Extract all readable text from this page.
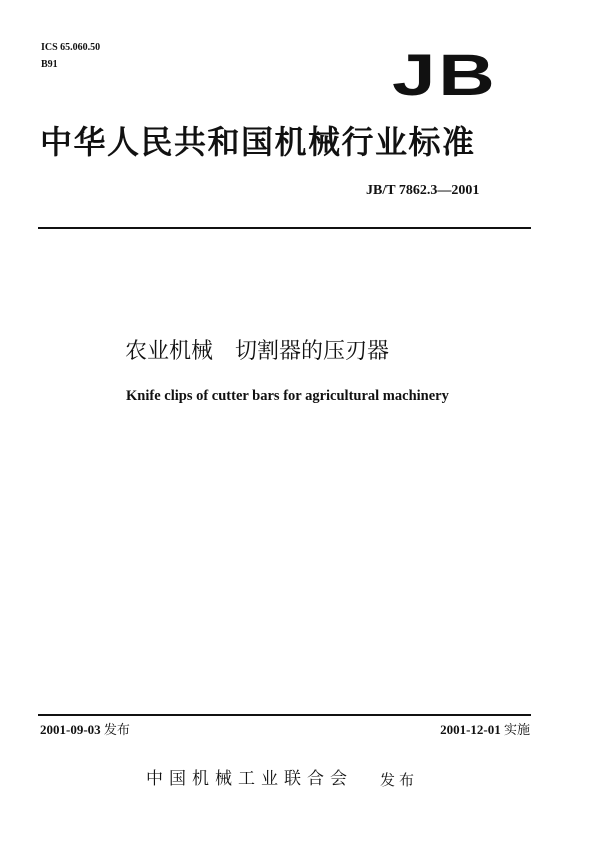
ICS 65.060.50
B91	JB
中华人民共和国机械行业标准
JB/T 7862.3—2001
农业机械　切割器的压刃器
Knife clips of cutter bars for agricultural machinery
2001-09-03 发布	2001-12-01 实施
中国机械工业联合会 发布
